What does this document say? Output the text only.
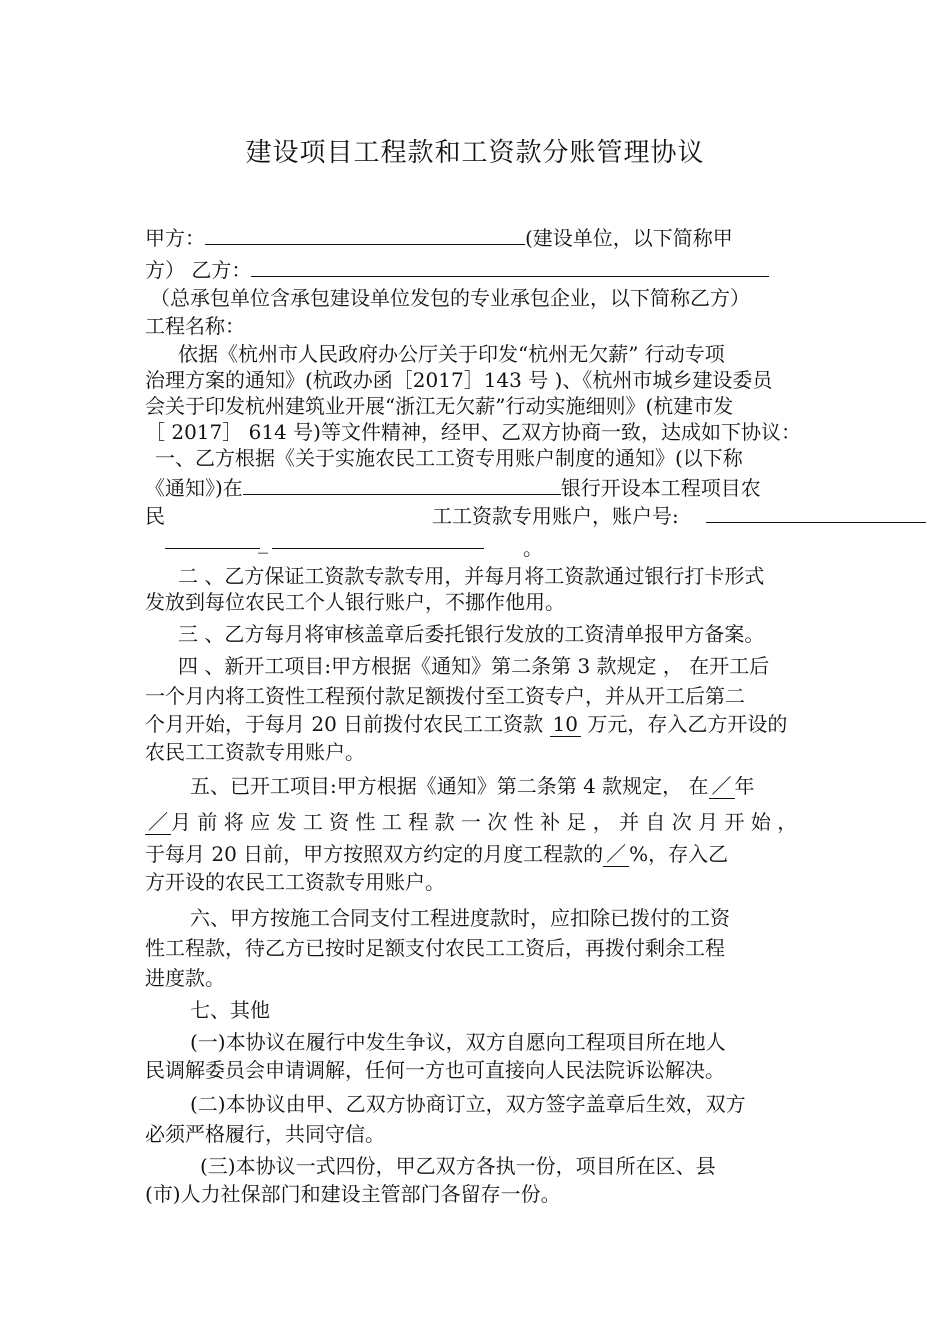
建设项目工程款和工资款分账管理协议
甲方：	(建设单位，以下简称甲
方） 乙方：
（总承包单位含承包建设单位发包的专业承包企业，以下简称乙方）
工程名称：
依据《杭州市人民政府办公厅关于印发“杭州无欠薪” 行动专项
治理方案的通知》(杭政办函［2017］143 号 )、《杭州市城乡建设委员
会关于印发杭州建筑业开展“浙江无欠薪”行动实施细则》(杭建市发
［ 2017］ 614 号)等文件精神，经甲、乙双方协商一致，达成如下协议：
一、乙方根据《关于实施农民工工资专用账户制度的通知》(以下称
《通知》)在	银行开设本工程项目农
民	工工资款专用账户，账户号:
_	。
二 、乙方保证工资款专款专用，并每月将工资款通过银行打卡形式
发放到每位农民工个人银行账户，不挪作他用。
三 、乙方每月将审核盖章后委托银行发放的工资清单报甲方备案。
四 、新开工项目:甲方根据《通知》第二条第 3 款规定 ， 在开工后
一个月内将工资性工程预付款足额拨付至工资专户，并从开工后第二
个月开始，于每月 20 日前拨付农民工工资款 10 万元，存入乙方开设的
农民工工资款专用账户。
五、已开工项目:甲方根据《通知》第二条第 4 款规定， 在 ／ 年
／ 月 前 将 应 发 工 资 性 工 程 款 一 次 性 补 足 ， 并 自 次 月 开 始 ，
于每月 20 日前，甲方按照双方约定的月度工程款的 ／ %，存入乙
方开设的农民工工资款专用账户。
六、甲方按施工合同支付工程进度款时，应扣除已拨付的工资
性工程款，待乙方已按时足额支付农民工工资后，再拨付剩余工程
进度款。
七、其他
(一)本协议在履行中发生争议，双方自愿向工程项目所在地人
民调解委员会申请调解，任何一方也可直接向人民法院诉讼解决。
(二)本协议由甲、乙双方协商订立，双方签字盖章后生效，双方
必须严格履行，共同守信。
(三)本协议一式四份，甲乙双方各执一份，项目所在区、县
(市)人力社保部门和建设主管部门各留存一份。
